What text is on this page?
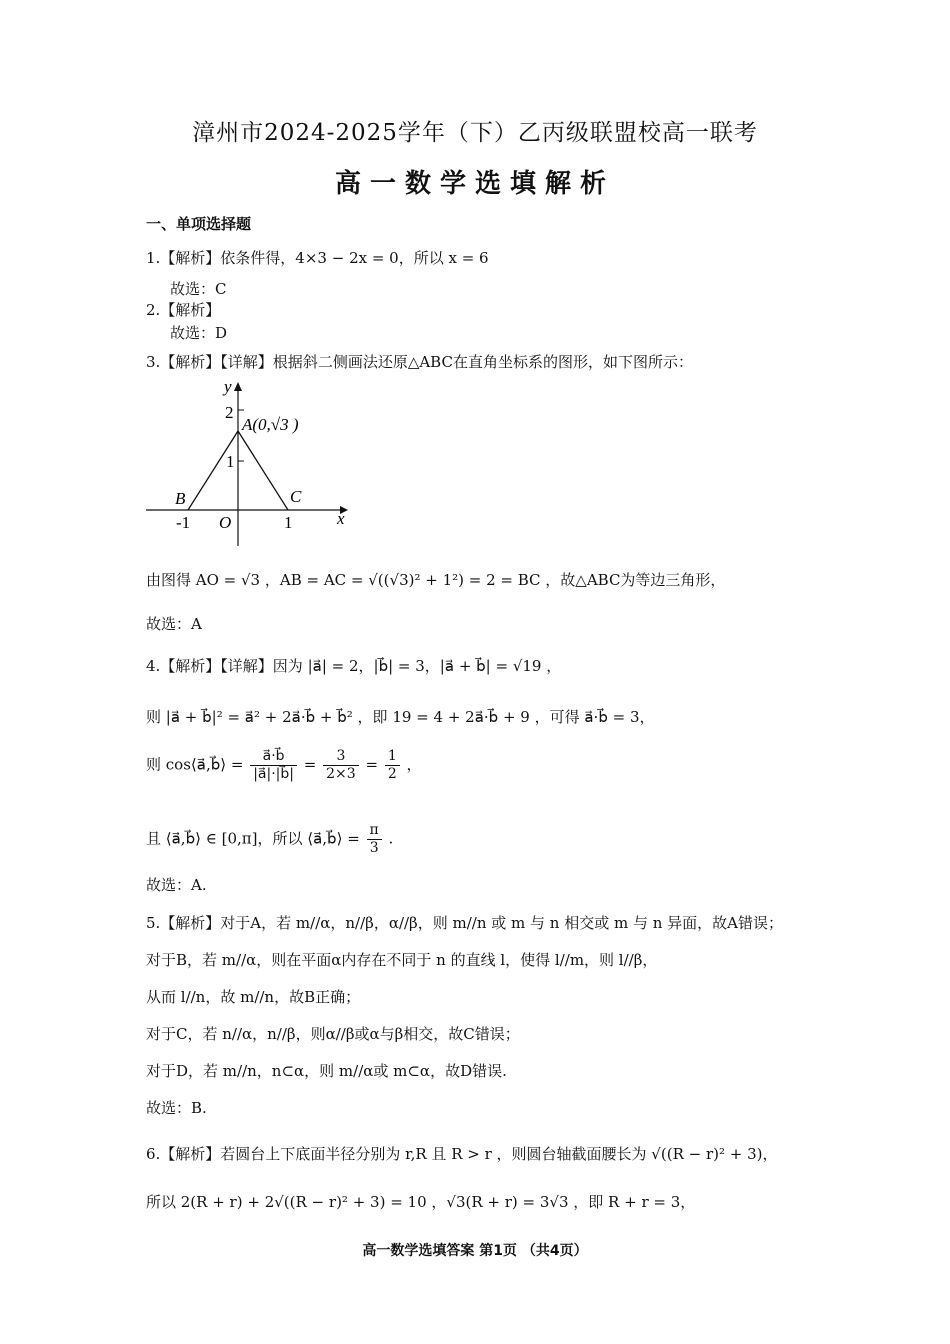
漳州市2024-2025学年（下）乙丙级联盟校高一联考
高一数学选填解析
一、单项选择题
1.【解析】依条件得，4×3 − 2x = 0，所以 x = 6
故选：C
2.【解析】
故选：D
3.【解析】【详解】根据斜二侧画法还原△ABC在直角坐标系的图形，如下图所示：
y
x
2
1
A(0,√3 )
B	C
-1 O	1
由图得 AO = √3 ，AB = AC = √((√3)² + 1²) = 2 = BC ，故△ABC为等边三角形，
故选：A
4.【解析】【详解】因为 |a⃗| = 2，|b⃗| = 3，|a⃗ + b⃗| = √19 ，
则 |a⃗ + b⃗|² = a⃗² + 2a⃗·b⃗ + b⃗² ，即 19 = 4 + 2a⃗·b⃗ + 9 ，可得 a⃗·b⃗ = 3，
则 cos⟨a⃗,b⃗⟩ = $\frac{a⃗\cdot b⃗}{|a⃗|\cdot|b⃗|} = \frac{3}{2\times 3} = \frac{1}{2}$ ，
且 ⟨a⃗,b⃗⟩ ∈ [0,π]，所以 ⟨a⃗,b⃗⟩ = $\frac{\pi}{3}$ .
故选：A.
5.【解析】对于A，若 m//α，n//β，α//β，则 m//n 或 m 与 n 相交或 m 与 n 异面，故A错误；
对于B，若 m//α，则在平面α内存在不同于 n 的直线 l，使得 l//m，则 l//β，
从而 l//n，故 m//n，故B正确；
对于C，若 n//α，n//β，则α//β或α与β相交，故C错误；
对于D，若 m//n，n⊂α，则 m//α或 m⊂α，故D错误.
故选：B.
6.【解析】若圆台上下底面半径分别为 r,R 且 R > r ，则圆台轴截面腰长为 √((R − r)² + 3)，
所以 2(R + r) + 2√((R − r)² + 3) = 10 ，√3(R + r) = 3√3 ，即 R + r = 3，
高一数学选填答案 第1页 （共4页）
